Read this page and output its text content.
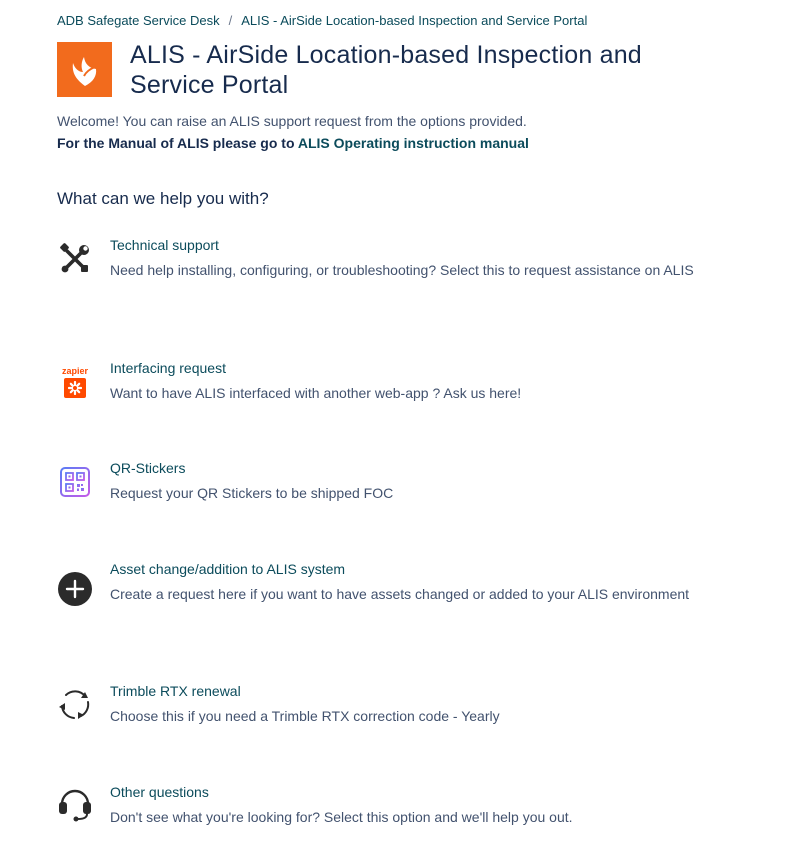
ADB Safegate Service Desk / ALIS - AirSide Location-based Inspection and Service Portal
ALIS - AirSide Location-based Inspection and Service Portal
Welcome! You can raise an ALIS support request from the options provided.
For the Manual of ALIS please go to ALIS Operating instruction manual
What can we help you with?
Technical support
Need help installing, configuring, or troubleshooting? Select this to request assistance on ALIS
zapier Interfacing request
Want to have ALIS interfaced with another web-app ? Ask us here!
QR-Stickers
Request your QR Stickers to be shipped FOC
Asset change/addition to ALIS system
Create a request here if you want to have assets changed or added to your ALIS environment
Trimble RTX renewal
Choose this if you need a Trimble RTX correction code - Yearly
Other questions
Don't see what you're looking for? Select this option and we'll help you out.
